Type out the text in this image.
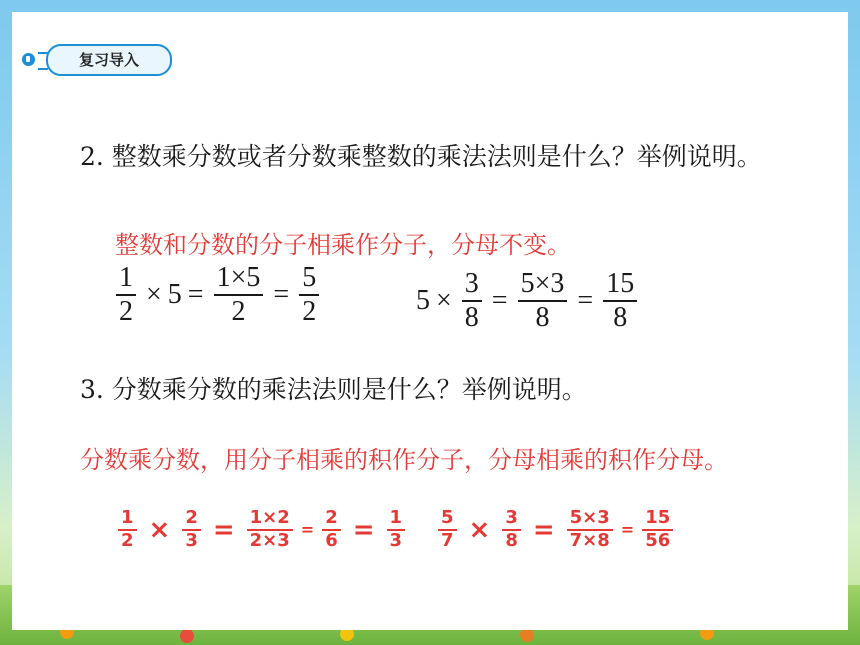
复习导入
2. 整数乘分数或者分数乘整数的乘法法则是什么？举例说明。
整数和分数的分子相乘作分子，分母不变。
$\frac{1}{2} \times 5 = \frac{1\times 5}{2} = \frac{5}{2}$	$5 \times \frac{3}{8} = \frac{5\times 3}{8} = \frac{15}{8}$
3. 分数乘分数的乘法法则是什么？举例说明。
分数乘分数，用分子相乘的积作分子，分母相乘的积作分母。
$\frac{1}{2} \times \frac{2}{3} = \frac{1\times 2}{2\times 3} = \frac{2}{6} = \frac{1}{3} \frac{5}{7} \times \frac{3}{8} = \frac{5\times 3}{7\times 8} = \frac{15}{56}$
